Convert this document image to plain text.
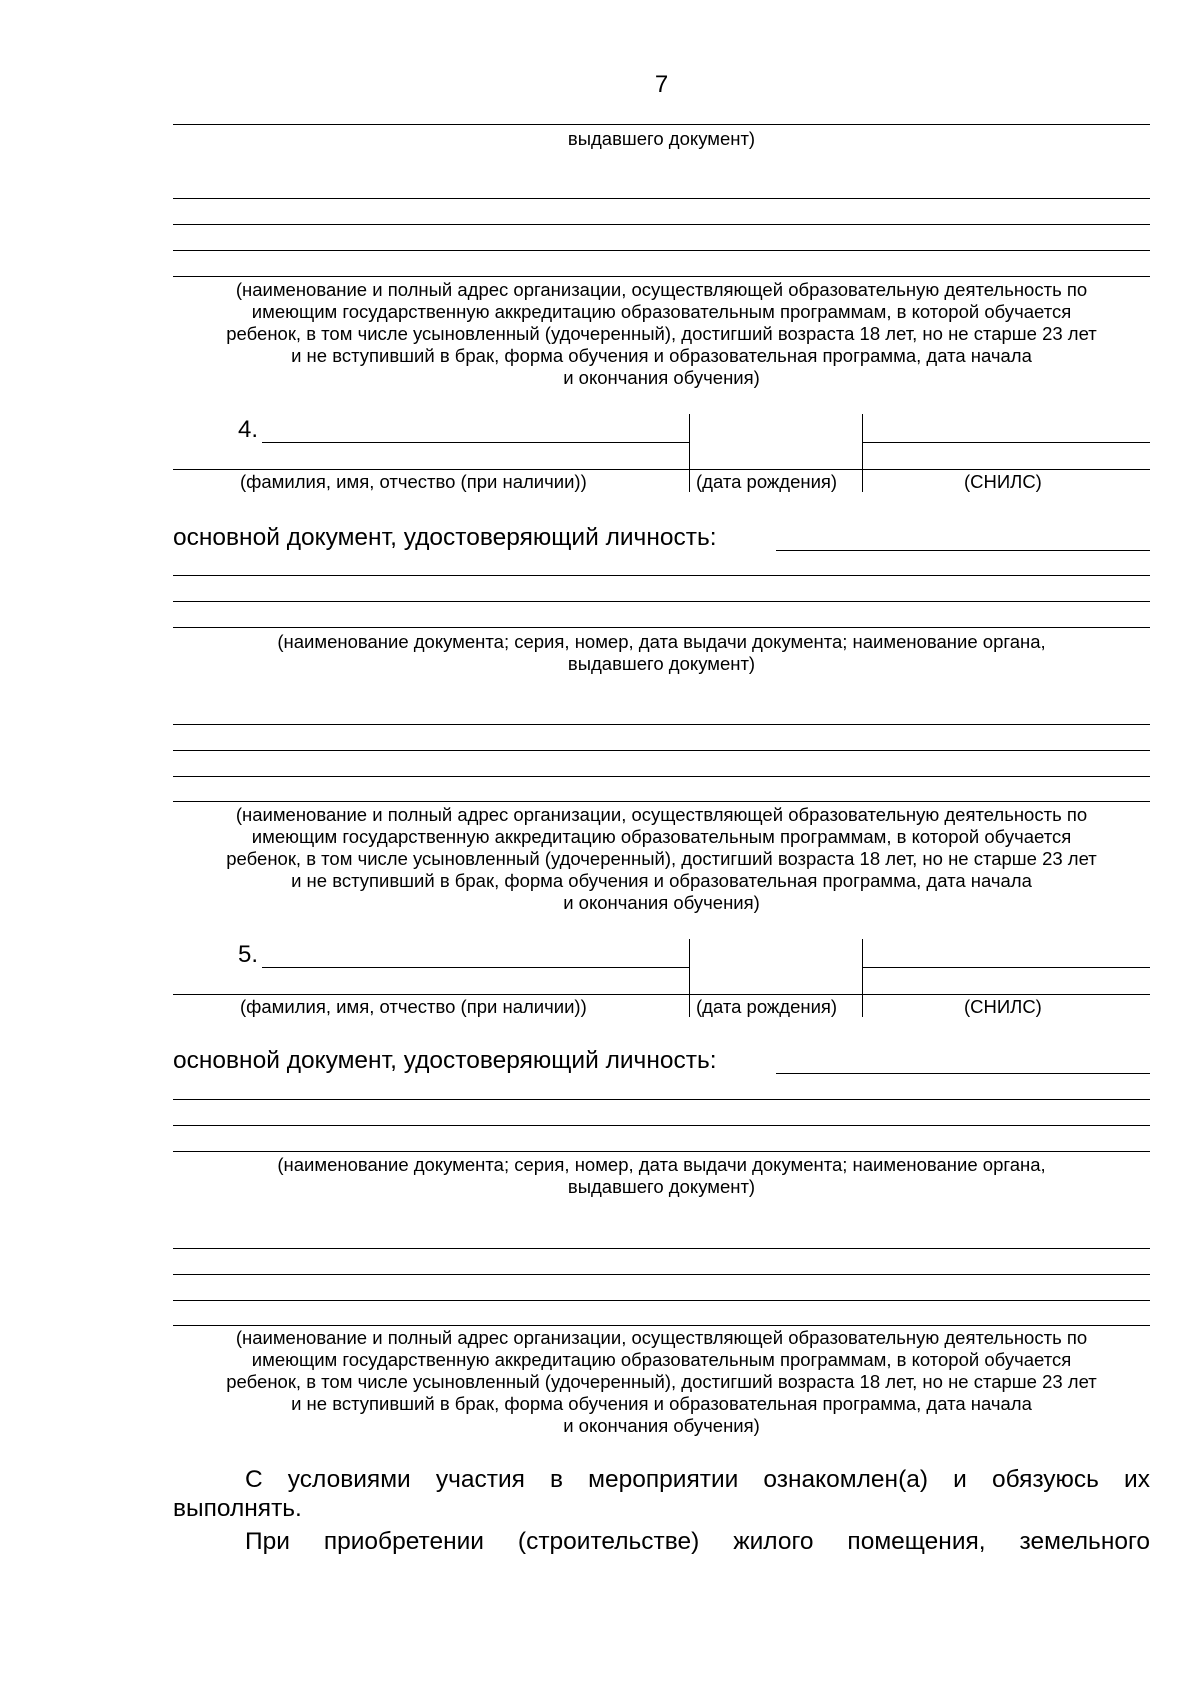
7
выдавшего документ)
(наименование и полный адрес организации, осуществляющей образовательную деятельность по
имеющим государственную аккредитацию образовательным программам, в которой обучается
ребенок, в том числе усыновленный (удочеренный), достигший возраста 18 лет, но не старше 23 лет
и не вступивший в брак, форма обучения и образовательная программа, дата начала
и окончания обучения)
4.
(фамилия, имя, отчество (при наличии))	(дата рождения)	(СНИЛС)
основной документ, удостоверяющий личность:
(наименование документа; серия, номер, дата выдачи документа; наименование органа,
выдавшего документ)
(наименование и полный адрес организации, осуществляющей образовательную деятельность по
имеющим государственную аккредитацию образовательным программам, в которой обучается
ребенок, в том числе усыновленный (удочеренный), достигший возраста 18 лет, но не старше 23 лет
и не вступивший в брак, форма обучения и образовательная программа, дата начала
и окончания обучения)
5.
(фамилия, имя, отчество (при наличии))	(дата рождения)	(СНИЛС)
основной документ, удостоверяющий личность:
(наименование документа; серия, номер, дата выдачи документа; наименование органа,
выдавшего документ)
(наименование и полный адрес организации, осуществляющей образовательную деятельность по
имеющим государственную аккредитацию образовательным программам, в которой обучается
ребенок, в том числе усыновленный (удочеренный), достигший возраста 18 лет, но не старше 23 лет
и не вступивший в брак, форма обучения и образовательная программа, дата начала
и окончания обучения)
С условиями участия в мероприятии ознакомлен(а) и обязуюсь их
выполнять.
При приобретении (строительстве) жилого помещения, земельного
